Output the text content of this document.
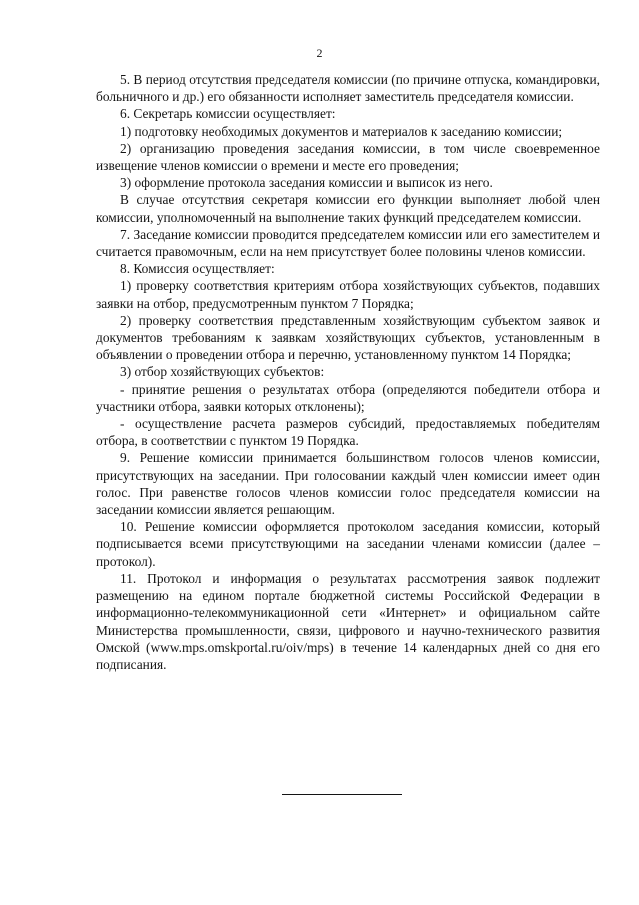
2

5. В период отсутствия председателя комиссии (по причине отпуска, командировки, больничного и др.) его обязанности исполняет заместитель председателя комиссии.

6. Секретарь комиссии осуществляет:

1) подготовку необходимых документов и материалов к заседанию комиссии;

2) организацию проведения заседания комиссии, в том числе своевременное извещение членов комиссии о времени и месте его проведения;

3) оформление протокола заседания комиссии и выписок из него.

В случае отсутствия секретаря комиссии его функции выполняет любой член комиссии, уполномоченный на выполнение таких функций председателем комиссии.

7. Заседание комиссии проводится председателем комиссии или его заместителем и считается правомочным, если на нем присутствует более половины членов комиссии.

8. Комиссия осуществляет:

1) проверку соответствия критериям отбора хозяйствующих субъектов, подавших заявки на отбор, предусмотренным пунктом 7 Порядка;

2) проверку соответствия представленным хозяйствующим субъектом заявок и документов требованиям к заявкам хозяйствующих субъектов, установленным в объявлении о проведении отбора и перечню, установленному пунктом 14 Порядка;

3) отбор хозяйствующих субъектов:

- принятие решения о результатах отбора (определяются победители отбора и участники отбора, заявки которых отклонены);

- осуществление расчета размеров субсидий, предоставляемых победителям отбора, в соответствии с пунктом 19 Порядка.

9. Решение комиссии принимается большинством голосов членов комиссии, присутствующих на заседании. При голосовании каждый член комиссии имеет один голос. При равенстве голосов членов комиссии голос председателя комиссии на заседании комиссии является решающим.

10. Решение комиссии оформляется протоколом заседания комиссии, который подписывается всеми присутствующими на заседании членами комиссии (далее – протокол).

11. Протокол и информация о результатах рассмотрения заявок подлежит размещению на едином портале бюджетной системы Российской Федерации в информационно-телекоммуникационной сети «Интернет» и официальном сайте Министерства промышленности, связи, цифрового и научно-технического развития Омской (www.mps.omskportal.ru/oiv/mps) в течение 14 календарных дней со дня его подписания.
